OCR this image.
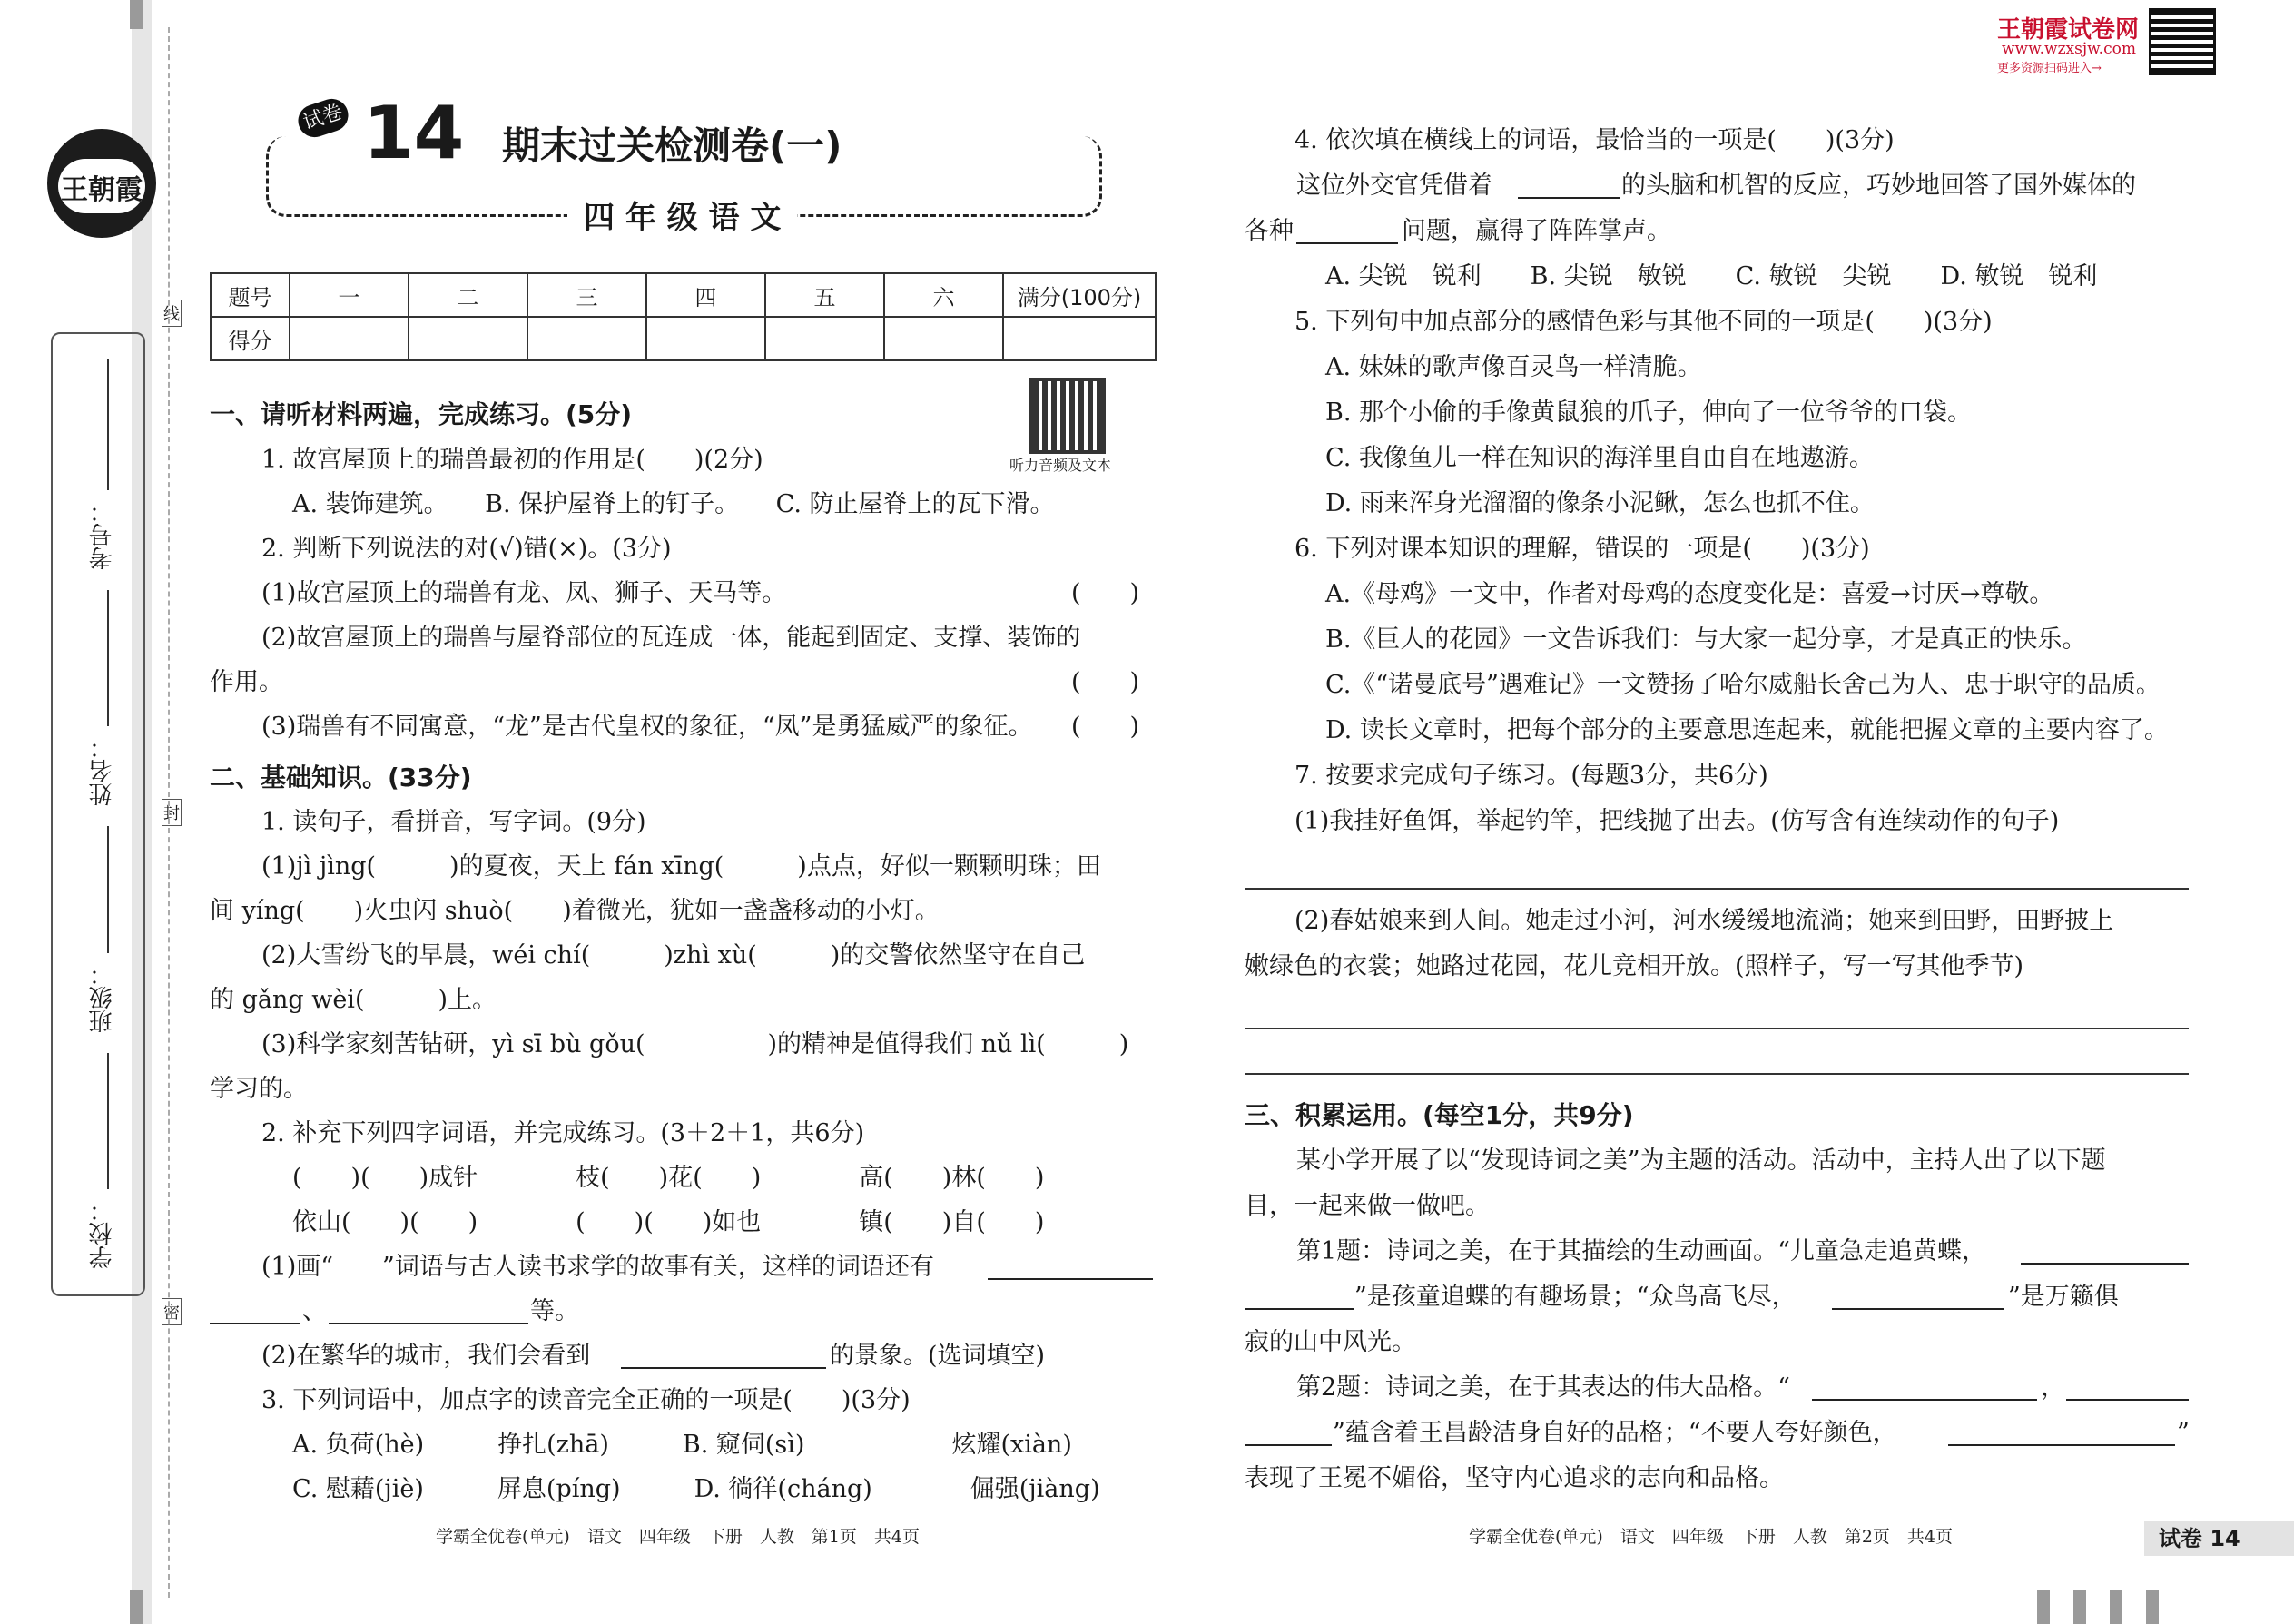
学校：
班级：
姓名：
考号：
线
封
密
王朝霞
试卷 14 期末过关检测卷(一)
四 年 级 语 文
题号	一	二	三	四	五	六	满分(100分)
得分							
听力音频及文本
一、请听材料两遍，完成练习。(5分)
1. 故宫屋顶上的瑞兽最初的作用是(　　)(2分)
A. 装饰建筑。　　B. 保护屋脊上的钉子。　　C. 防止屋脊上的瓦下滑。
2. 判断下列说法的对(√)错(×)。(3分)
(1)故宫屋顶上的瑞兽有龙、凤、狮子、天马等。	(　　)
(2)故宫屋顶上的瑞兽与屋脊部位的瓦连成一体，能起到固定、支撑、装饰的
作用。	(　　)
(3)瑞兽有不同寓意，“龙”是古代皇权的象征，“凤”是勇猛威严的象征。 (　　)
二、基础知识。(33分)
1. 读句子，看拼音，写字词。(9分)
(1)jì jìng(　　　)的夏夜，天上 fán xīng(　　　)点点，好似一颗颗明珠；田
间 yíng(　　)火虫闪 shuò(　　)着微光，犹如一盏盏移动的小灯。
(2)大雪纷飞的早晨，wéi chí(　　　)zhì xù(　　　)的交警依然坚守在自己
的 gǎng wèi(　　　)上。
(3)科学家刻苦钻研，yì sī bù gǒu(　　　　　)的精神是值得我们 nǔ lì(　　　)
学习的。
2. 补充下列四字词语，并完成练习。(3＋2＋1，共6分)
(　　)(　　)成针　　　　枝(　　)花(　　)　　　　高(　　)林(　　)
依山(　　)(　　)　　　　(　　)(　　)如也　　　　镇(　　)自(　　)
(1)画“　　”词语与古人读书求学的故事有关，这样的词语还有
、	等。
(2)在繁华的城市，我们会看到	的景象。(选词填空)
3. 下列词语中，加点字的读音完全正确的一项是(　　)(3分)
A. 负荷(hè)　　　挣扎(zhā)　　　B. 窥伺(sì)　　　　　　炫耀(xiàn)
C. 慰藉(jiè)　　　屏息(píng)　　　D. 徜徉(cháng)　　　　倔强(jiàng)
学霸全优卷(单元)　语文　四年级　下册　人教　第1页　共4页
王朝霞试卷网
www.wzxsjw.com
更多资源扫码进入→
4. 依次填在横线上的词语，最恰当的一项是(　　)(3分)
这位外交官凭借着	的头脑和机智的反应，巧妙地回答了国外媒体的
各种	问题，赢得了阵阵掌声。
A. 尖锐　锐利　　B. 尖锐　敏锐　　C. 敏锐　尖锐　　D. 敏锐　锐利
5. 下列句中加点部分的感情色彩与其他不同的一项是(　　)(3分)
A. 妹妹的歌声像百灵鸟一样清脆。
B. 那个小偷的手像黄鼠狼的爪子，伸向了一位爷爷的口袋。
C. 我像鱼儿一样在知识的海洋里自由自在地遨游。
D. 雨来浑身光溜溜的像条小泥鳅，怎么也抓不住。
6. 下列对课本知识的理解，错误的一项是(　　)(3分)
A.《母鸡》一文中，作者对母鸡的态度变化是：喜爱→讨厌→尊敬。
B.《巨人的花园》一文告诉我们：与大家一起分享，才是真正的快乐。
C.《“诺曼底号”遇难记》一文赞扬了哈尔威船长舍己为人、忠于职守的品质。
D. 读长文章时，把每个部分的主要意思连起来，就能把握文章的主要内容了。
7. 按要求完成句子练习。(每题3分，共6分)
(1)我挂好鱼饵，举起钓竿，把线抛了出去。(仿写含有连续动作的句子)
(2)春姑娘来到人间。她走过小河，河水缓缓地流淌；她来到田野，田野披上
嫩绿色的衣裳；她路过花园，花儿竞相开放。(照样子，写一写其他季节)
三、积累运用。(每空1分，共9分)
某小学开展了以“发现诗词之美”为主题的活动。活动中，主持人出了以下题
目，一起来做一做吧。
第1题：诗词之美，在于其描绘的生动画面。“儿童急走追黄蝶，
”是孩童追蝶的有趣场景；“众鸟高飞尽，	”是万籁俱
寂的山中风光。
第2题：诗词之美，在于其表达的伟大品格。“	，
”蕴含着王昌龄洁身自好的品格；“不要人夸好颜色，	”
表现了王冕不媚俗，坚守内心追求的志向和品格。
学霸全优卷(单元)　语文　四年级　下册　人教　第2页　共4页	试卷 14
